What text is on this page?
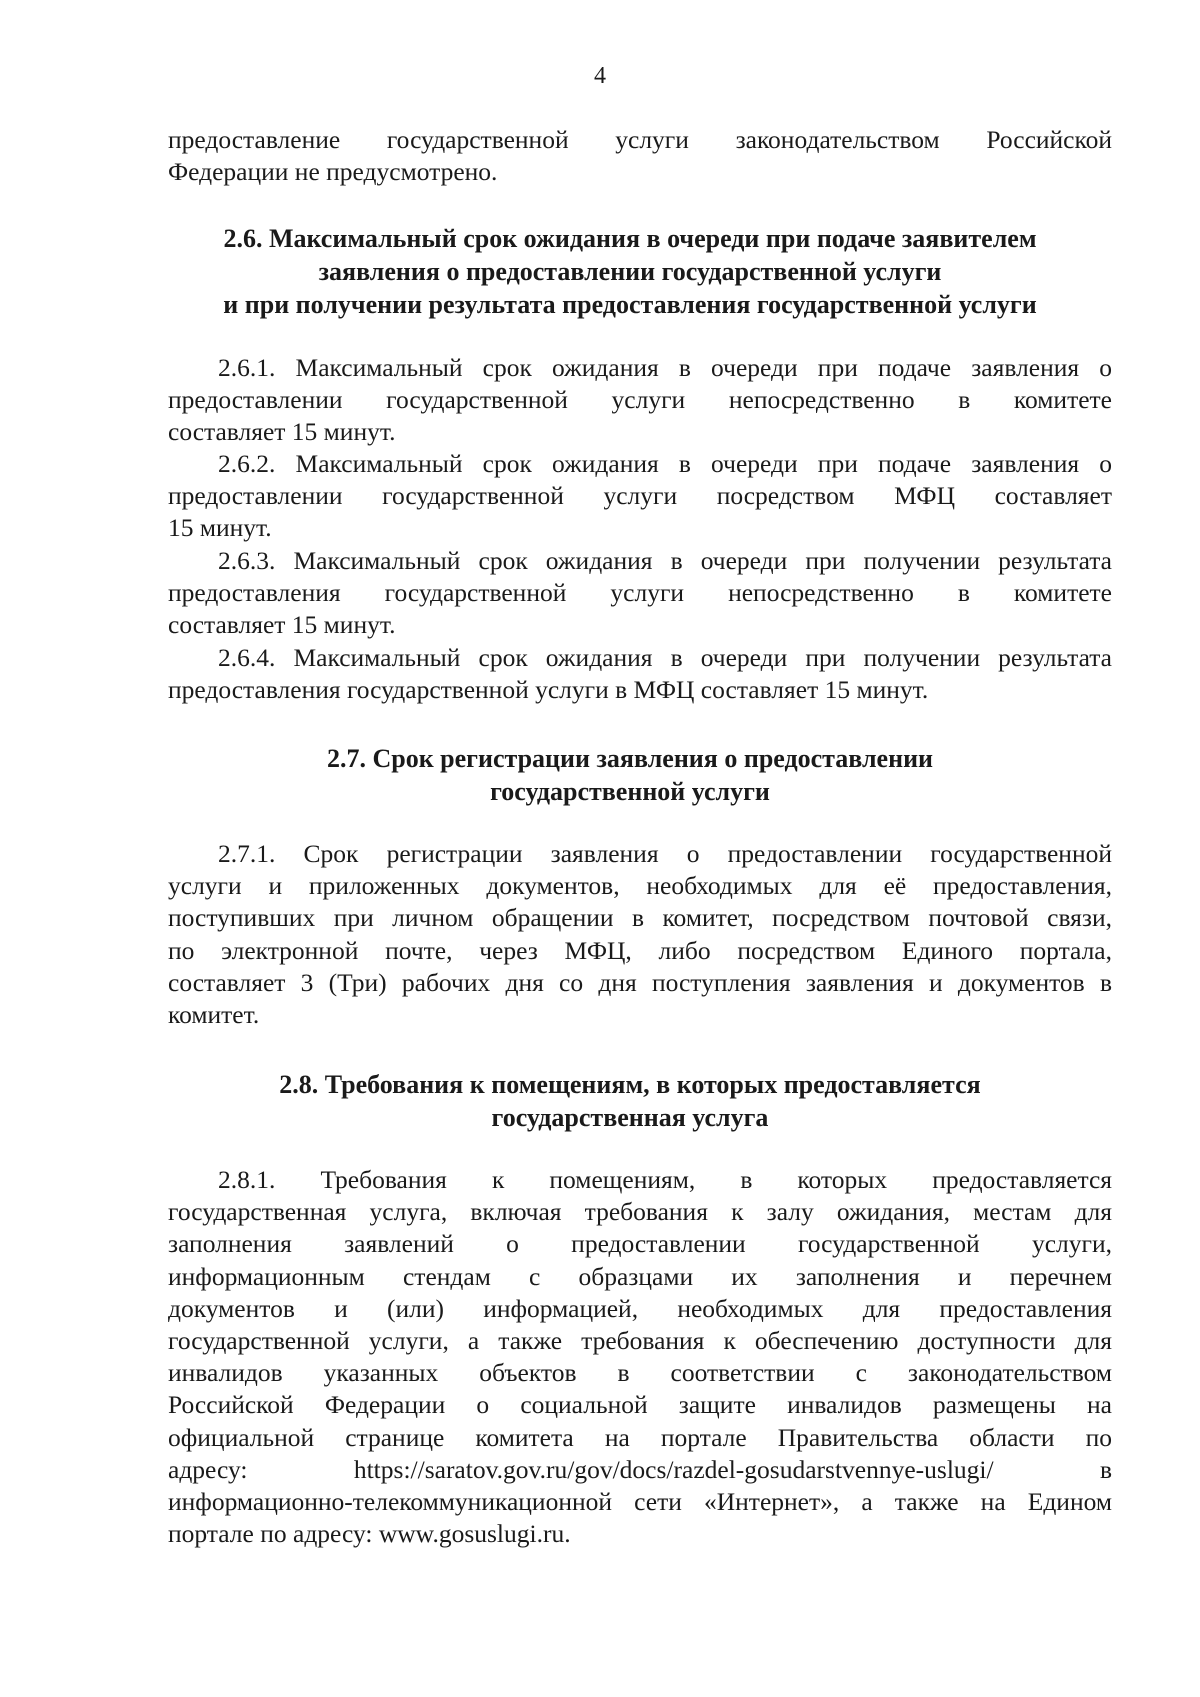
4
предоставление государственной услуги законодательством Российской
Федерации не предусмотрено.
2.6. Максимальный срок ожидания в очереди при подаче заявителем
заявления о предоставлении государственной услуги
и при получении результата предоставления государственной услуги
2.6.1. Максимальный срок ожидания в очереди при подаче заявления о
предоставлении государственной услуги непосредственно в комитете
составляет 15 минут.
2.6.2. Максимальный срок ожидания в очереди при подаче заявления о
предоставлении государственной услуги посредством МФЦ составляет
15 минут.
2.6.3. Максимальный срок ожидания в очереди при получении результата
предоставления государственной услуги непосредственно в комитете
составляет 15 минут.
2.6.4. Максимальный срок ожидания в очереди при получении результата
предоставления государственной услуги в МФЦ составляет 15 минут.
2.7. Срок регистрации заявления о предоставлении
государственной услуги
2.7.1. Срок регистрации заявления о предоставлении государственной
услуги и приложенных документов, необходимых для её предоставления,
поступивших при личном обращении в комитет, посредством почтовой связи,
по электронной почте, через МФЦ, либо посредством Единого портала,
составляет 3 (Три) рабочих дня со дня поступления заявления и документов в
комитет.
2.8. Требования к помещениям, в которых предоставляется
государственная услуга
2.8.1. Требования к помещениям, в которых предоставляется
государственная услуга, включая требования к залу ожидания, местам для
заполнения заявлений о предоставлении государственной услуги,
информационным стендам с образцами их заполнения и перечнем
документов и (или) информацией, необходимых для предоставления
государственной услуги, а также требования к обеспечению доступности для
инвалидов указанных объектов в соответствии с законодательством
Российской Федерации о социальной защите инвалидов размещены на
официальной странице комитета на портале Правительства области по
адресу: https://saratov.gov.ru/gov/docs/razdel-gosudarstvennye-uslugi/ в
информационно-телекоммуникационной сети «Интернет», а также на Едином
портале по адресу: www.gosuslugi.ru.
